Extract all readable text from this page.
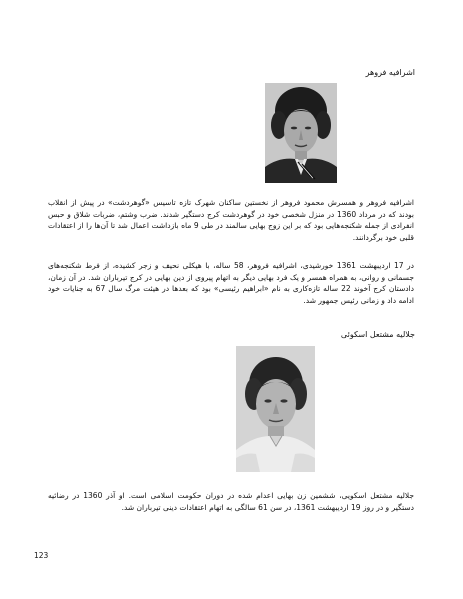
اشرافیه فروهر
اشرافیه فروهر و همسرش محمود فروهر از نخستین ساکنان شهرک تازه تاسیس «گوهردشت» در پیش از انقلاب بودند که در مرداد 1360 در منزل شخصی خود در گوهردشت کرج دستگیر شدند. ضرب وشتم، ضربات شلاق و حبس انفرادی از جمله شکنجه‌هایی بود که بر این زوج بهایی سالمند در طی 9 ماه بازداشت اعمال شد تا آن‌ها را از اعتقادات قلبی خود برگردانند.
در 17 اردیبهشت 1361 خورشیدی، اشرافیه فروهر، 58 ساله، با هیکلی نحیف و زجر کشیده، از فرط شکنجه‌های جسمانی و روانی، به همراه همسر و یک فرد بهایی دیگر به اتهام پیروی از دین بهایی در کرج تیرباران شد. در آن زمان، دادستان کرج آخوند 22 ساله تازه‌کاری به نام «ابراهیم رئیسی» بود که بعدها در هیئت مرگ سال 67 به جنایات خود ادامه داد و زمانی رئیس جمهور شد.
جلالیه مشتعل اسکوئی
جلالیه مشتعل اسکویی، ششمین زن بهایی اعدام شده در دوران حکومت اسلامی است. او آذر 1360 در رضائیه دستگیر و در روز 19 اردیبهشت 1361، در سن 61 سالگی به اتهام اعتقادات دینی تیرباران شد.
123
